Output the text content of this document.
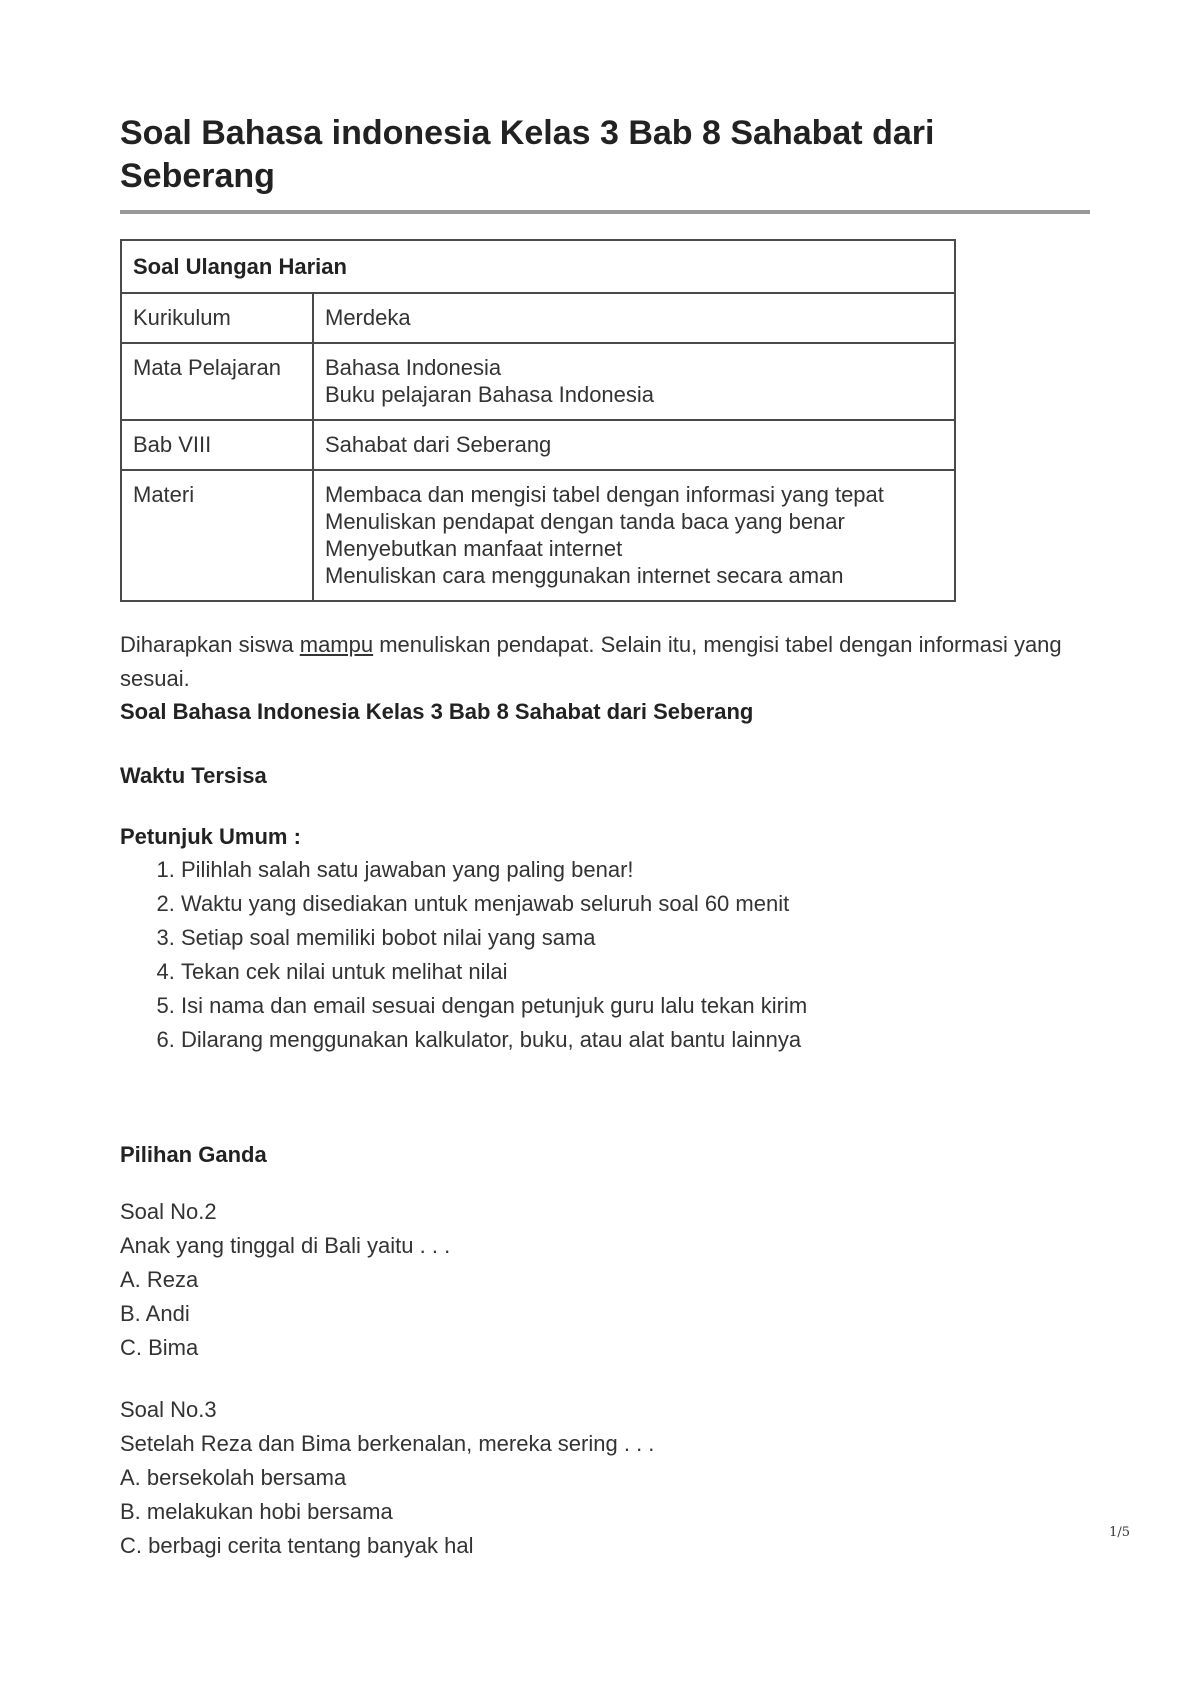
Soal Bahasa indonesia Kelas 3 Bab 8 Sahabat dari Seberang
Soal Ulangan Harian	
Kurikulum	Merdeka

Mata Pelajaran	Bahasa Indonesia
Buku pelajaran Bahasa Indonesia

Bab VIII	Sahabat dari Seberang

Materi	Membaca dan mengisi tabel dengan informasi yang tepat
Menuliskan pendapat dengan tanda baca yang benar
Menyebutkan manfaat internet
Menuliskan cara menggunakan internet secara aman
Diharapkan siswa mampu menuliskan pendapat. Selain itu, mengisi tabel dengan informasi yang sesuai.
Soal Bahasa Indonesia Kelas 3 Bab 8 Sahabat dari Seberang
Waktu Tersisa
Petunjuk Umum :
1. Pilihlah salah satu jawaban yang paling benar!
2. Waktu yang disediakan untuk menjawab seluruh soal 60 menit
3. Setiap soal memiliki bobot nilai yang sama
4. Tekan cek nilai untuk melihat nilai
5. Isi nama dan email sesuai dengan petunjuk guru lalu tekan kirim
6. Dilarang menggunakan kalkulator, buku, atau alat bantu lainnya
Pilihan Ganda
Soal No.2
Anak yang tinggal di Bali yaitu . . .
A. Reza
B. Andi
C. Bima
Soal No.3
Setelah Reza dan Bima berkenalan, mereka sering . . .
A. bersekolah bersama
B. melakukan hobi bersama
C. berbagi cerita tentang banyak hal
1/5
